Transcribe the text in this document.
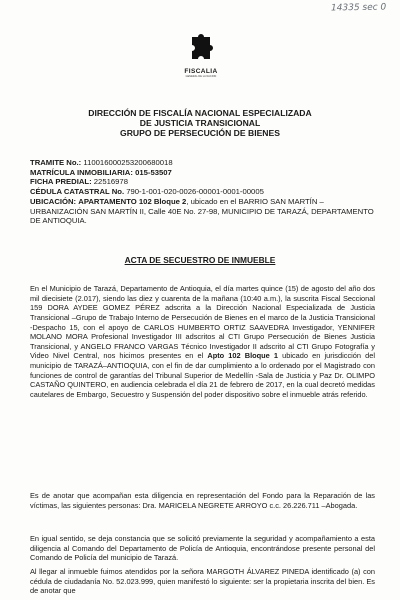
14335 sec 0
FISCALIA
GENERAL DE LA NACION
DIRECCIÓN DE FISCALÍA NACIONAL ESPECIALIZADA
DE JUSTICIA TRANSICIONAL
GRUPO DE PERSECUCIÓN DE BIENES
TRAMITE No.: 110016000253200680018
MATRÍCULA INMOBILIARIA: 015-53507
FICHA PREDIAL: 22516978
CÉDULA CATASTRAL No. 790-1-001-020-0026-00001-0001-00005
UBICACIÓN: APARTAMENTO 102 Bloque 2, ubicado en el BARRIO SAN MARTÍN –URBANIZACIÓN SAN MARTÍN II, Calle 40E No. 27-98, MUNICIPIO DE TARAZÁ, DEPARTAMENTO DE ANTIOQUIA.
ACTA DE SECUESTRO DE INMUEBLE
En el Municipio de Tarazá, Departamento de Antioquia, el día martes quince (15) de agosto del año dos mil diecisiete (2.017), siendo las diez y cuarenta de la mañana (10:40 a.m.), la suscrita Fiscal Seccional 159 DORA AYDEE GOMEZ PÉREZ adscrita a la Dirección Nacional Especializada de Justicia Transicional –Grupo de Trabajo Interno de Persecución de Bienes en el marco de la Justicia Transicional -Despacho 15, con el apoyo de CARLOS HUMBERTO ORTIZ SAAVEDRA Investigador, YENNIFER MOLANO MORA Profesional Investigador III adscritos al CTI Grupo Persecución de Bienes Justicia Transicional, y ANGELO FRANCO VARGAS Técnico Investigador II adscrito al CTI Grupo Fotografía y Video Nivel Central, nos hicimos presentes en el Apto 102 Bloque 1 ubicado en jurisdicción del municipio de TARAZÁ–ANTIOQUIA, con el fin de dar cumplimiento a lo ordenado por el Magistrado con funciones de control de garantías del Tribunal Superior de Medellín -Sala de Justicia y Paz Dr. OLIMPO CASTAÑO QUINTERO, en audiencia celebrada el día 21 de febrero de 2017, en la cual decretó medidas cautelares de Embargo, Secuestro y Suspensión del poder dispositivo sobre el inmueble atrás referido.
Es de anotar que acompañan esta diligencia en representación del Fondo para la Reparación de las víctimas, las siguientes personas: Dra. MARICELA NEGRETE ARROYO c.c. 26.226.711 –Abogada.
En igual sentido, se deja constancia que se solicitó previamente la seguridad y acompañamiento a esta diligencia al Comando del Departamento de Policía de Antioquia, encontrándose presente personal del Comando de Policía del municipio de Tarazá.
Al llegar al inmueble fuimos atendidos por la señora MARGOTH ÁLVAREZ PINEDA identificado (a) con cédula de ciudadanía No. 52.023.999, quien manifestó lo siguiente: ser la propietaria inscrita del bien. Es de anotar que
